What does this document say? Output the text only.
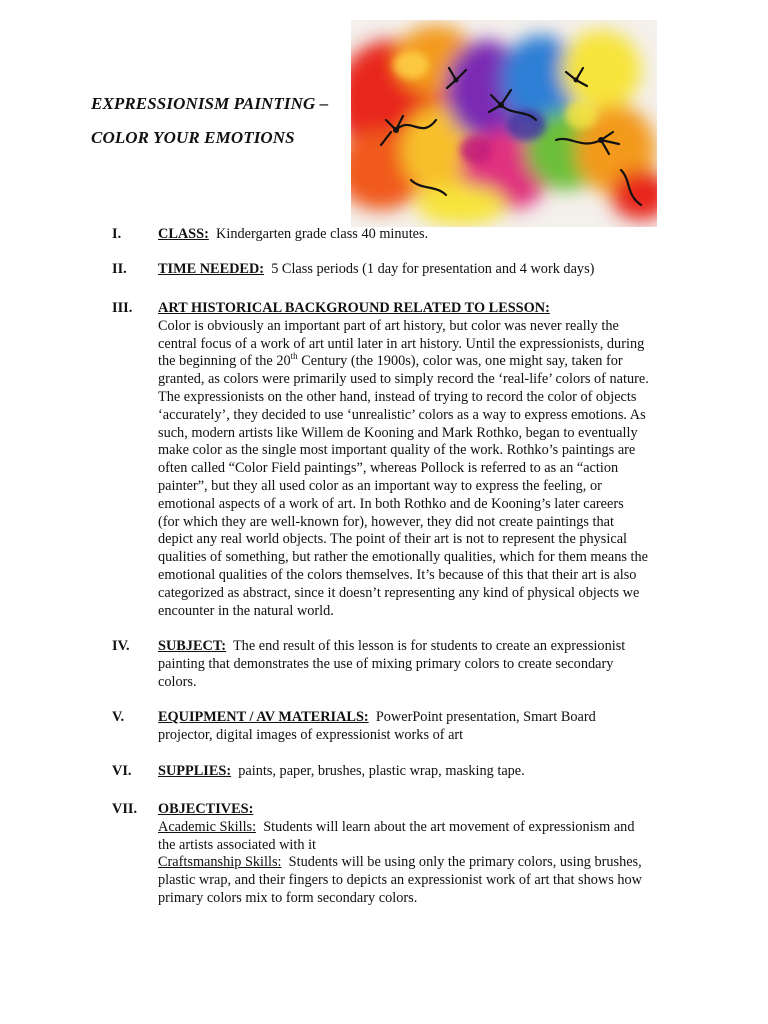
EXPRESSIONISM PAINTING –
COLOR YOUR EMOTIONS
I.	CLASS: Kindergarten grade class 40 minutes.
II. TIME NEEDED: 5 Class periods (1 day for presentation and 4 work days)
III. ART HISTORICAL BACKGROUND RELATED TO LESSON:
Color is obviously an important part of art history, but color was never really the
central focus of a work of art until later in art history. Until the expressionists, during
the beginning of the 20th Century (the 1900s), color was, one might say, taken for
granted, as colors were primarily used to simply record the ‘real-life’ colors of nature.
The expressionists on the other hand, instead of trying to record the color of objects
‘accurately’, they decided to use ‘unrealistic’ colors as a way to express emotions. As
such, modern artists like Willem de Kooning and Mark Rothko, began to eventually
make color as the single most important quality of the work. Rothko’s paintings are
often called “Color Field paintings”, whereas Pollock is referred to as an “action
painter”, but they all used color as an important way to express the feeling, or
emotional aspects of a work of art. In both Rothko and de Kooning’s later careers
(for which they are well-known for), however, they did not create paintings that
depict any real world objects. The point of their art is not to represent the physical
qualities of something, but rather the emotionally qualities, which for them means the
emotional qualities of the colors themselves. It’s because of this that their art is also
categorized as abstract, since it doesn’t representing any kind of physical objects we
encounter in the natural world.
IV. SUBJECT: The end result of this lesson is for students to create an expressionist
painting that demonstrates the use of mixing primary colors to create secondary
colors.
V. EQUIPMENT / AV MATERIALS: PowerPoint presentation, Smart Board
projector, digital images of expressionist works of art
VI. SUPPLIES: paints, paper, brushes, plastic wrap, masking tape.
VII. OBJECTIVES:
Academic Skills: Students will learn about the art movement of expressionism and
the artists associated with it
Craftsmanship Skills: Students will be using only the primary colors, using brushes,
plastic wrap, and their fingers to depicts an expressionist work of art that shows how
primary colors mix to form secondary colors.
